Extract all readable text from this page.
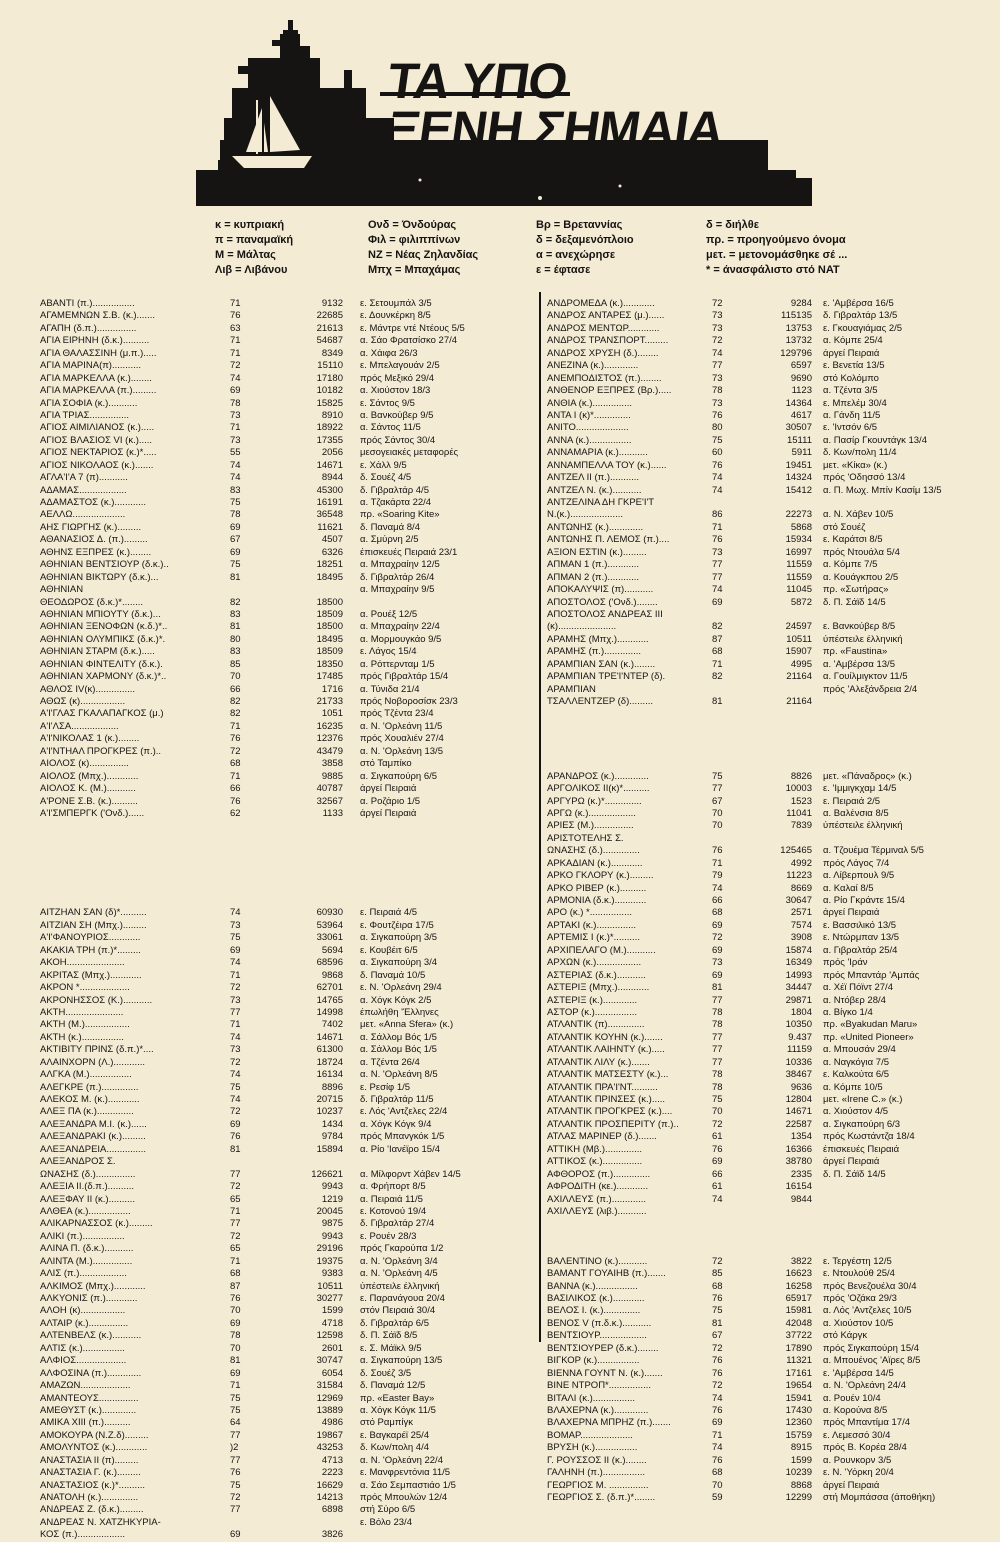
ΤΑ ΥΠΟ
ΞΕΝΗ ΣΗΜΑΙΑ
κ = κυπριακή
π = παναμαϊκή
Μ = Μάλτας
Λιβ = Λιβάνου
Ονδ = Όνδούρας
Φιλ = φιλιππίνων
ΝΖ = Νέας Ζηλανδίας
Μπχ = Μπαχάμας
Βρ = Βρεταννίας
δ = δεξαμενόπλοιο
α = ανεχώρησε
ε = έφτασε
δ = διήλθε
πρ. = προηγούμενο όνομα
μετ. = μετονομάσθηκε σέ ...
* = άνασφάλιστο στό ΝΑΤ
ΑΒΑΝΤΙ (π.)................	71	9132 ε. Σετουμπάλ 3/5
ΑΓΑΜΕΜΝΩΝ Σ.Β. (κ.).......	76	22685 ε. Δουνκέρκη 8/5
ΑΓΑΠΗ (δ.π.)...............	63	21613 ε. Μάντρε ντέ Ντέους 5/5
ΑΓΙΑ ΕΙΡΗΝΗ (δ.κ.)..........	71	54687 α. Σάο Φρατσίσκο 27/4
ΑΓΙΑ ΘΑΛΑΣΣΙΝΗ (μ.π.).....	71	8349 α. Χάιφα 26/3
ΑΓΙΑ ΜΑΡΙΝΑ(π)...........	72	15110 ε. Μπελαγουάν 2/5
ΑΓΙΑ ΜΑΡΚΕΛΛΑ (κ.)........	74	17180 πρός Μεξικό 29/4
ΑΓΙΑ ΜΑΡΚΕΛΛΑ (π.).........	69	10182 α. Χιούστον 18/3
ΑΓΙΑ ΣΟΦΙΑ (κ.)...........	78	15825 ε. Σάντος 9/5
ΑΓΙΑ ΤΡΙΑΣ...............	73	8910 α. Βανκούβερ 9/5
ΑΓΙΟΣ ΑΙΜΙΛΙΑΝΟΣ (κ.).....	71	18922 α. Σάντος 11/5
ΑΓΙΟΣ ΒΛΑΣΙΟΣ VI (κ.).....	73	17355 πρός Σάντος 30/4
ΑΓΙΟΣ ΝΕΚΤΑΡΙΟΣ (κ.)*.....	55	2056 μεσογειακές μεταφορές
ΑΓΙΟΣ ΝΙΚΟΛΑΟΣ (κ.).......	74	14671 ε. Χάλλ 9/5
ΑΓΛΑ'Ι'Α 7 (π)...........	74	8944 δ. Σουέζ 4/5
ΑΔΑΜΑΣ..................	83	45300 δ. Γιβραλτάρ 4/5
ΑΔΑΜΑΣΤΟΣ (κ.)............	75	16191 α. Τζακάρτα 22/4
ΑΕΛΛΩ....................	78	36548 πρ. «Soaring Kite»
ΑΗΣ ΓΙΩΡΓΗΣ (κ.).........	69	11621 δ. Παναμά 8/4
ΑΘΑΝΑΣΙΟΣ Δ. (π.).........	67	4507 α. Σμύρνη 2/5
ΑΘΗΝΣ ΕΞΠΡΕΣ (κ.)........	69	6326 έπισκευές Πειραιά 23/1
ΑΘΗΝΙΑΝ ΒΕΝΤΣΙΟΥΡ (δ.κ.)..	75	18251 α. Μπαχραίην 12/5
ΑΘΗΝΙΑΝ ΒΙΚΤΩΡΥ (δ.κ.)...	81	18495 δ. Γιβραλτάρ 26/4
ΑΘΗΝΙΑΝ	α. Μπαχραίην 9/5
ΘΕΟΔΩΡΟΣ (δ.κ.)*........	82	18500
ΑΘΗΝΙΑΝ ΜΠΙΟΥΤΥ (δ.κ.)...	83	18509 α. Ρουέξ 12/5
ΑΘΗΝΙΑΝ ΞΕΝΟΦΩΝ (κ.δ.)*..	81	18500 α. Μπαχραίην 22/4
ΑΘΗΝΙΑΝ ΟΛΥΜΠΙΚΣ (δ.κ.)*.	80	18495 α. Μορμουγκάο 9/5
ΑΘΗΝΙΑΝ ΣΤΑΡΜ (δ.κ.).....	83	18509 ε. Λάγος 15/4
ΑΘΗΝΙΑΝ ΦΙΝΤΕΛΙΤΥ (δ.κ.).	85	18350 α. Ρόττερνταμ 1/5
ΑΘΗΝΙΑΝ ΧΑΡΜΟΝΥ (δ.κ.)*..	70	17485 πρός Γιβραλτάρ 15/4
ΑΘΛΟΣ IV(κ)...............	66	1716 α. Τύνιδα 21/4
ΑΘΩΣ (κ).................	82	21733 πρός Νοβοροσίσκ 23/3
Α'Ι'ΓΛΑΣ ΓΚΑΛΑΠΑΓΚΟΣ (μ.)	82	1051 πρός Τζέντα 23/4
Α'Ι'ΛΣΑ..................	71	16235 α. Ν. 'Ορλεάνη 11/5
Α'Ι'ΝΙΚΟΛΑΣ 1 (κ.)........	76	12376 πρός Χουαλιέν 27/4
Α'Ι'ΝΤΗΑΛ ΠΡΟΓΚΡΕΣ (π.)..	72	43479 α. Ν. 'Ορλεάνη 13/5
ΑΙΟΛΟΣ (κ)...............	68	3858 στό Ταμπίκο
ΑΙΟΛΟΣ (Μπχ.)............	71	9885 α. Σιγκαπούρη 6/5
ΑΙΟΛΟΣ Κ. (Μ.)...........	66	40787 άργεί Πειραιά
Α'ΡΟΝΕ Σ.Β. (κ.)..........	76	32567 α. Ροζάριο 1/5
Α'Ι'ΣΜΠΕΡΓΚ ('Ονδ.)......	62	1133 άργεί Πειραιά
ΑΙΤΖΗΑΝ ΣΑΝ (δ)*..........	74	60930 ε. Πειραιά 4/5
ΑΙΤΖΙΑΝ ΣΗ (Μπχ.).........	73	53964 ε. Φουτζέιρα 17/5
Α'Ι'ΦΑΝΟΥΡΙΟΣ............	75	33061 α. Σιγκαπούρη 3/5
ΑΚΑΚΙΑ ΤΡΗ (π.)*.........	69	5694 ε. Κουβέιτ 6/5
ΑΚΟΗ......................	74	68596 α. Σιγκαπούρη 3/4
ΑΚΡΙΤΑΣ (Μπχ.)............	71	9868 δ. Παναμά 10/5
ΑΚΡΟΝ *...................	72	62701 ε. Ν. 'Ορλεάνη 29/4
ΑΚΡΟΝΗΣΣΟΣ (Κ.)...........	73	14765 α. Χόγκ Κόγκ 2/5
ΑΚΤΗ......................	77	14998 έπωλήθη 'Έλληνες
ΑΚΤΗ (Μ.).................	71	7402 μετ. «Anna Sfera» (κ.)
ΑΚΤΗ (κ.)................	74	14671 α. Σάλλομ Βός 1/5
ΑΚΤΙΒΙΤΥ ΠΡΙΝΣ (δ.π.)*....	73	61300 α. Σάλλομ Βός 1/5
ΑΛΑΙΝΧΟΡΝ (Λ.)............	72	18724 α. Τζέντα 26/4
ΑΛΓΚΑ (Μ.)................	74	16134 α. Ν. 'Ορλεάνη 8/5
ΑΛΕΓΚΡΕ (π.)..............	75	8896 ε. Ρεσίφ 1/5
ΑΛΕΚΟΣ Μ. (κ.)............	74	20715 δ. Γιβραλτάρ 11/5
ΑΛΕΞ ΠΑ (κ.)..............	72	10237 ε. Λός 'Αντζελες 22/4
ΑΛΕΞΑΝΔΡΑ Μ.Ι. (κ.)......	69	1434 α. Χόγκ Κόγκ 9/4
ΑΛΕΞΑΝΔΡΑΚΙ (κ.).........	76	9784 πρός Μπανγκόκ 1/5
ΑΛΕΞΑΝΔΡΕΙΑ...............	81	15894 α. Ρίο 'Ιανέϊρο 15/4
ΑΛΕΞΑΝΔΡΟΣ Σ.
ΩΝΑΣΗΣ (δ.)...............	77	126621 α. Μίλφορντ Χάβεν 14/5
ΑΛΕΞΙΑ ΙΙ.(δ.π.)..........	72	9943 α. Φρήπορτ 8/5
ΑΛΕΞΦΑΥ ΙΙ (κ.)..........	65	1219 α. Πειραιά 11/5
ΑΛΘΕΑ (κ.)................	71	20045 ε. Κοτονού 19/4
ΑΛΙΚΑΡΝΑΣΣΟΣ (κ.).........	77	9875 δ. Γιβραλτάρ 27/4
ΑΛΙΚΙ (π.)................	72	9943 ε. Ρουέν 28/3
ΑΛΙΝΑ Π. (δ.κ.)...........	65	29196 πρός Γκαρούπα 1/2
ΑΛΙΝΤΑ (Μ.)...............	71	19375 α. Ν. 'Ορλεάνη 3/4
ΑΛΙΣ (π.)..................	68	9383 α. Ν. 'Ορλεάνη 4/5
ΑΛΚΙΜΟΣ (Μπχ.)............	87	10511 ύπέστειλε έλληνική
ΑΛΚΥΟΝΙΣ (π.)............	76	30277 ε. Παρανάγουα 20/4
ΑΛΟΗ (κ).................	70	1599 στόν Πειραιά 30/4
ΑΛΤΑΙΡ (κ.)...............	69	4718 δ. Γιβραλτάρ 6/5
ΑΛΤΕΝΒΕΛΣ (κ.)...........	78	12598 δ. Π. Σάϊδ 8/5
ΑΛΤΙΣ (κ.)................	70	2601 ε. Σ. Μάϊκλ 9/5
ΑΛΦΙΟΣ...................	81	30747 α. Σιγκαπούρη 13/5
ΑΛΦΟΣΙΝΑ (π.).............	69	6054 δ. Σουέζ 3/5
ΑΜΑΖΩΝ...................	71	31584 δ. Παναμά 12/5
ΑΜΑΝΤΕΟΥΣ...............	75	12969 πρ. «Easter Bay»
ΑΜΕΘΥΣΤ (κ.).............	75	13889 α. Χόγκ Κόγκ 11/5
ΑΜΙΚΑ XIII (π.)..........	64	4986 στό Ραμπίγκ
ΑΜΟΚΟΥΡΑ (Ν.Ζ.δ).........	77	19867 ε. Βαγκαρέϊ 25/4
ΑΜΟΛΥΝΤΟΣ (κ.)............	)2	43253 δ. Κων/πολη 4/4
ΑΝΑΣΤΑΣΙΑ ΙΙ (π).........	77	4713 α. Ν. 'Ορλεάνη 22/4
ΑΝΑΣΤΑΣΙΑ Γ. (κ.).........	76	2223 ε. Μανφρεντόνια 11/5
ΑΝΑΣΤΑΣΙΟΣ (κ.)*..........	75	16629 α. Σάο Σεμπαστιάο 1/5
ΑΝΑΤΟΛΗ (κ.)..............	72	14213 πρός Μπουλών 12/4
ΑΝΔΡΕΑΣ Ζ. (δ.κ.).........	77	6898 στή Σύρο 6/5
ΑΝΔΡΕΑΣ Ν. ΧΑΤΖΗΚΥΡΙΑ-	ε. Βόλο 23/4
ΚΟΣ (π.)..................	69	3826
ΑΝΔΡΟΜΕΔΑ (κ.)............	72	9284 ε. 'Αμβέρσα 16/5
ΑΝΔΡΟΣ ΑΝΤΑΡΕΣ (μ.)......	73	115135 δ. Γιβραλτάρ 13/5
ΑΝΔΡΟΣ ΜΕΝΤΩΡ............	73	13753 ε. Γκουαγιάμας 2/5
ΑΝΔΡΟΣ ΤΡΑΝΣΠΟΡΤ.........	72	13732 α. Κόμπε 25/4
ΑΝΔΡΟΣ ΧΡΥΣΗ (δ.)........	74	129796 άργεί Πειραιά
ΑΝΕΖΙΝΑ (κ.).............	77	6597 ε. Βενετία 13/5
ΑΝΕΜΠΟΔΙΣΤΟΣ (π.)........	73	9690 στό Κολόμπο
ΑΝΘΕΝΟΡ ΕΞΠΡΕΣ (Βρ.).....	78	1123 α. Τζέντα 3/5
ΑΝΘΙΑ (κ.)...............	73	14364 ε. Μπελέμ 30/4
ΑΝΤΑ Ι (κ)*..............	76	4617 α. Γάνδη 11/5
ΑΝΙΤΟ....................	80	30507 ε. 'Ιντσόν 6/5
ΑΝΝΑ (κ.)................	75	15111 α. Πασίρ Γκουντάγκ 13/4
ΑΝΝΑΜΑΡΙΑ (κ.)...........	60	5911 δ. Κων/πολη 11/4
ΑΝΝΑΜΠΕΛΛΑ ΤΟΥ (κ.)......	76	19451 μετ. «Κίκα» (κ.)
ΑΝΤΖΕΛ ΙΙ (π.)...........	74	14324 πρός 'Οδησσό 13/4
ΑΝΤΖΕΛ Ν. (κ.)...........	74	15412 α. Π. Μωχ. Μπίν Κασίμ 13/5
ΑΝΤΖΕΛΙΝΑ ΔΗ ΓΚΡΕ'Ι'Τ
Ν.(κ.)....................	86	22273 α. Ν. Χάβεν 10/5
ΑΝΤΩΝΗΣ (κ.).............	71	5868 στό Σουέζ
ΑΝΤΩΝΗΣ Π. ΛΕΜΟΣ (π.)....	76	15934 ε. Καράτσι 8/5
ΑΞΙΟΝ ΕΣΤΙΝ (κ.).........	73	16997 πρός Ντουάλα 5/4
ΑΠΜΑΝ 1 (π.)............	77	11559 α. Κόμπε 7/5
ΑΠΜΑΝ 2 (π.)............	77	11559 α. Κουάγκπου 2/5
ΑΠΟΚΑΛΥΨΙΣ (π)...........	74	11045 πρ. «Σωτήρας»
ΑΠΟΣΤΟΛΟΣ ('Ονδ.)........	69	5872 δ. Π. Σάϊδ 14/5
ΑΠΟΣΤΟΛΟΣ ΑΝΔΡΕΑΣ ΙΙΙ
(κ)......................	82	24597 ε. Βανκούβερ 8/5
ΑΡΑΜΗΣ (Μπχ.)............	87	10511 ύπέστειλε έλληνική
ΑΡΑΜΗΣ (π.)..............	68	15907 πρ. «Faustina»
ΑΡΑΜΠΙΑΝ ΣΑΝ (κ.)........	71	4995 α. 'Αμβέρσα 13/5
ΑΡΑΜΠΙΑΝ ΤΡΕ'Ι'ΝΤΕΡ (δ).	82	21164 α. Γουίλμιγκτον 11/5
ΑΡΑΜΠΙΑΝ	πρός 'Αλεξάνδρεια 2/4
ΤΣΑΛΛΕΝΤΖΕΡ (δ).........	81	21164
ΑΡΑΝΔΡΟΣ (κ.).............	75	8826 μετ. «Πάναδρος» (κ.)
ΑΡΓΟΛΙΚΟΣ ΙΙ(κ)*..........	77	10003 ε. 'Ιμμιγκχαμ 14/5
ΑΡΓΥΡΩ (κ.)*..............	67	1523 ε. Πειραιά 2/5
ΑΡΓΩ (κ.)..................	70	11041 α. Βαλένσια 8/5
ΑΡΙΕΣ (Μ.)...............	70	7839 ύπέστειλε έλληνική
ΑΡΙΣΤΟΤΕΛΗΣ Σ.
ΩΝΑΣΗΣ (δ.)..............	76	125465 α. Τζουέμα Τέρμιναλ 5/5
ΑΡΚΑΔΙΑΝ (κ.)............	71	4992 πρός Λάγος 7/4
ΑΡΚΟ ΓΚΛΟΡΥ (κ.).........	79	11223 α. Λίβερπουλ 9/5
ΑΡΚΟ ΡΙΒΕΡ (κ.)..........	74	8669 α. Καλαί 8/5
ΑΡΜΟΝΙΑ (δ.κ.)............	66	30647 α. Ρίο Γκράντε 15/4
ΑΡΟ (κ.) *................	68	2571 άργεί Πειραιά
ΑΡΤΑΚΙ (κ.)...............	69	7574 ε. Βασσιλικό 13/5
ΑΡΤΕΜΙΣ Ι (κ.)*..........	72	3908 ε. Ντώρμπαν 13/5
ΑΡΧΙΠΕΛΑΓΟ (Μ.)...........	69	15874 α. Γιβραλτάρ 25/4
ΑΡΧΩΝ (κ.).................	73	16349 πρός 'Ιράν
ΑΣΤΕΡΙΑΣ (δ.κ.)...........	69	14993 πρός Μπαντάρ 'Αμπάς
ΑΣΤΕΡΙΞ (Μπχ.)............	81	34447 α. Χέϊ Πόϊντ 27/4
ΑΣΤΕΡΙΞ (κ.).............	77	29871 α. Ντόβερ 28/4
ΑΣΤΟΡ (κ.)................	78	1804 α. Βίγκο 1/4
ΑΤΛΑΝΤΙΚ (π)..............	78	10350 πρ. «Byakudan Maru»
ΑΤΛΑΝΤΙΚ ΚΟΥΗΝ (κ.).......	77	9.437 πρ. «United Pioneer»
ΑΤΛΑΝΤΙΚ ΛΑΙΗΝΤΥ (κ.).....	77	11159 α. Μπουσάν 29/4
ΑΤΛΑΝΤΙΚ ΛΙΛΥ (κ.).......	77	10336 α. Ναγκόγια 7/5
ΑΤΛΑΝΤΙΚ ΜΑΤΣΕΣΤΥ (κ.)...	78	38467 ε. Καλκούτα 6/5
ΑΤΛΑΝΤΙΚ ΠΡΑ'Ι'ΝΤ..........	78	9636 α. Κόμπε 10/5
ΑΤΛΑΝΤΙΚ ΠΡΙΝΣΕΣ (κ.).....	75	12804 μετ. «Irene C.» (κ.)
ΑΤΛΑΝΤΙΚ ΠΡΟΓΚΡΕΣ (κ.)....	70	14671 α. Χιούστον 4/5
ΑΤΛΑΝΤΙΚ ΠΡΟΣΠΕΡΙΤΥ (π.)..	72	22587 α. Σιγκαπούρη 6/3
ΑΤΛΑΣ ΜΑΡΙΝΕΡ (δ.).......	61	1354 πρός Κωστάντζα 18/4
ΑΤΤΙΚΗ (Μβ.)..............	76	16366 έπισκευές Πειραιά
ΑΤΤΙΚΟΣ (κ.)...............	69	38780 άργεί Πειραιά
ΑΦΘΟΡΟΣ (π.)..............	66	2335 δ. Π. Σάϊδ 14/5
ΑΦΡΟΔΙΤΗ (κε.)............	61	16154
ΑΧΙΛΛΕΥΣ (π.).............	74	9844
ΑΧΙΛΛΕΥΣ (λιβ.)...........
ΒΑΛΕΝΤΙΝΟ (κ.)...........	72	3822 ε. Τεργέστη 12/5
ΒΑΜΑΝΤ ΓΟΥΑΙΗΒ (π.).......	85	16623 ε. Ντουλούθ 25/4
ΒΑΝΝΑ (κ.)................	68	16258 πρός Βενεζουέλα 30/4
ΒΑΣΙΛΙΚΟΣ (κ.)............	76	65917 πρός 'Οζάκα 29/3
ΒΕΛΟΣ Ι. (κ.)..............	75	15981 α. Λός 'Αντζελες 10/5
ΒΕΝΟΣ V (π.δ.κ.)...........	81	42048 α. Χιούστον 10/5
ΒΕΝΤΣΙΟΥΡ..................	67	37722 στό Κάργκ
ΒΕΝΤΣΙΟΥΡΕΡ (δ.κ.)........	72	17890 πρός Σιγκαπούρη 15/4
ΒΙΓΚΟΡ (κ.)................	76	11321 α. Μπουένος 'Αϊρες 8/5
ΒΙΕΝΝΑ ΓΟΥΝΤ Ν. (κ.).......	76	17161 ε. 'Αμβέρσα 14/5
ΒΙΝΕ ΝΤΡΟΠ*................	72	19654 α. Ν. 'Ορλεάνη 24/4
ΒΙΤΑΛΙ (κ.)................	74	15941 α. Ρουέν 10/4
ΒΛΑΧΕΡΝΑ (κ.).............	76	17430 α. Κορούνα 8/5
ΒΛΑΧΕΡΝΑ ΜΠΡΗΖ (π.).......	69	12360 πρός Μπαντίμα 17/4
ΒΟΜΑΡ....................	71	15759 ε. Λεμεσσό 30/4
ΒΡΥΣΗ (κ.)................	74	8915 πρός Β. Κορέα 28/4
Γ. ΡΟΥΣΣΟΣ ΙΙ (κ.)........	76	1599 α. Ρουνκορν 3/5
ΓΑΛΗΝΗ (π.)................	68	10239 ε. Ν. 'Υόρκη 20/4
ΓΕΩΡΓΙΟΣ Μ. ...............	70	8868 άργεί Πειραιά
ΓΕΩΡΓΙΟΣ Σ. (δ.π.)*........	59	12299 στή Μομπάσσα (άποθήκη)
